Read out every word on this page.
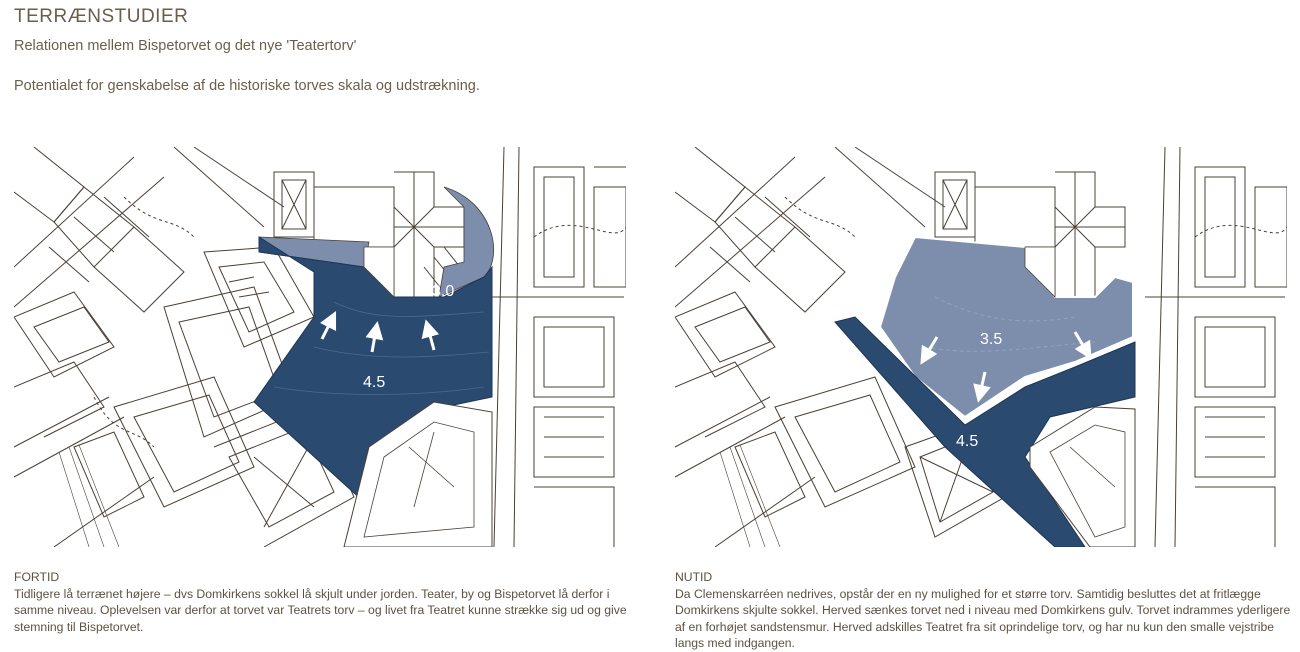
TERRÆNSTUDIER
Relationen mellem Bispetorvet og det nye 'Teatertorv'
Potentialet for genskabelse af de historiske torves skala og udstrækning.
3.0
4.5
3.5
4.5
FORTID
Tidligere lå terrænet højere – dvs Domkirkens sokkel lå skjult under jorden. Teater, by og Bispetorvet lå derfor i samme niveau. Oplevelsen var derfor at torvet var Teatrets torv – og livet fra Teatret kunne strække sig ud og give stemning til Bispetorvet.
NUTID
Da Clemenskarréen nedrives, opstår der en ny mulighed for et større torv. Samtidig besluttes det at fritlægge Domkirkens skjulte sokkel. Herved sænkes torvet ned i niveau med Domkirkens gulv. Torvet indrammes yderligere af en forhøjet sandstensmur. Herved adskilles Teatret fra sit oprindelige torv, og har nu kun den smalle vejstribe langs med indgangen.
